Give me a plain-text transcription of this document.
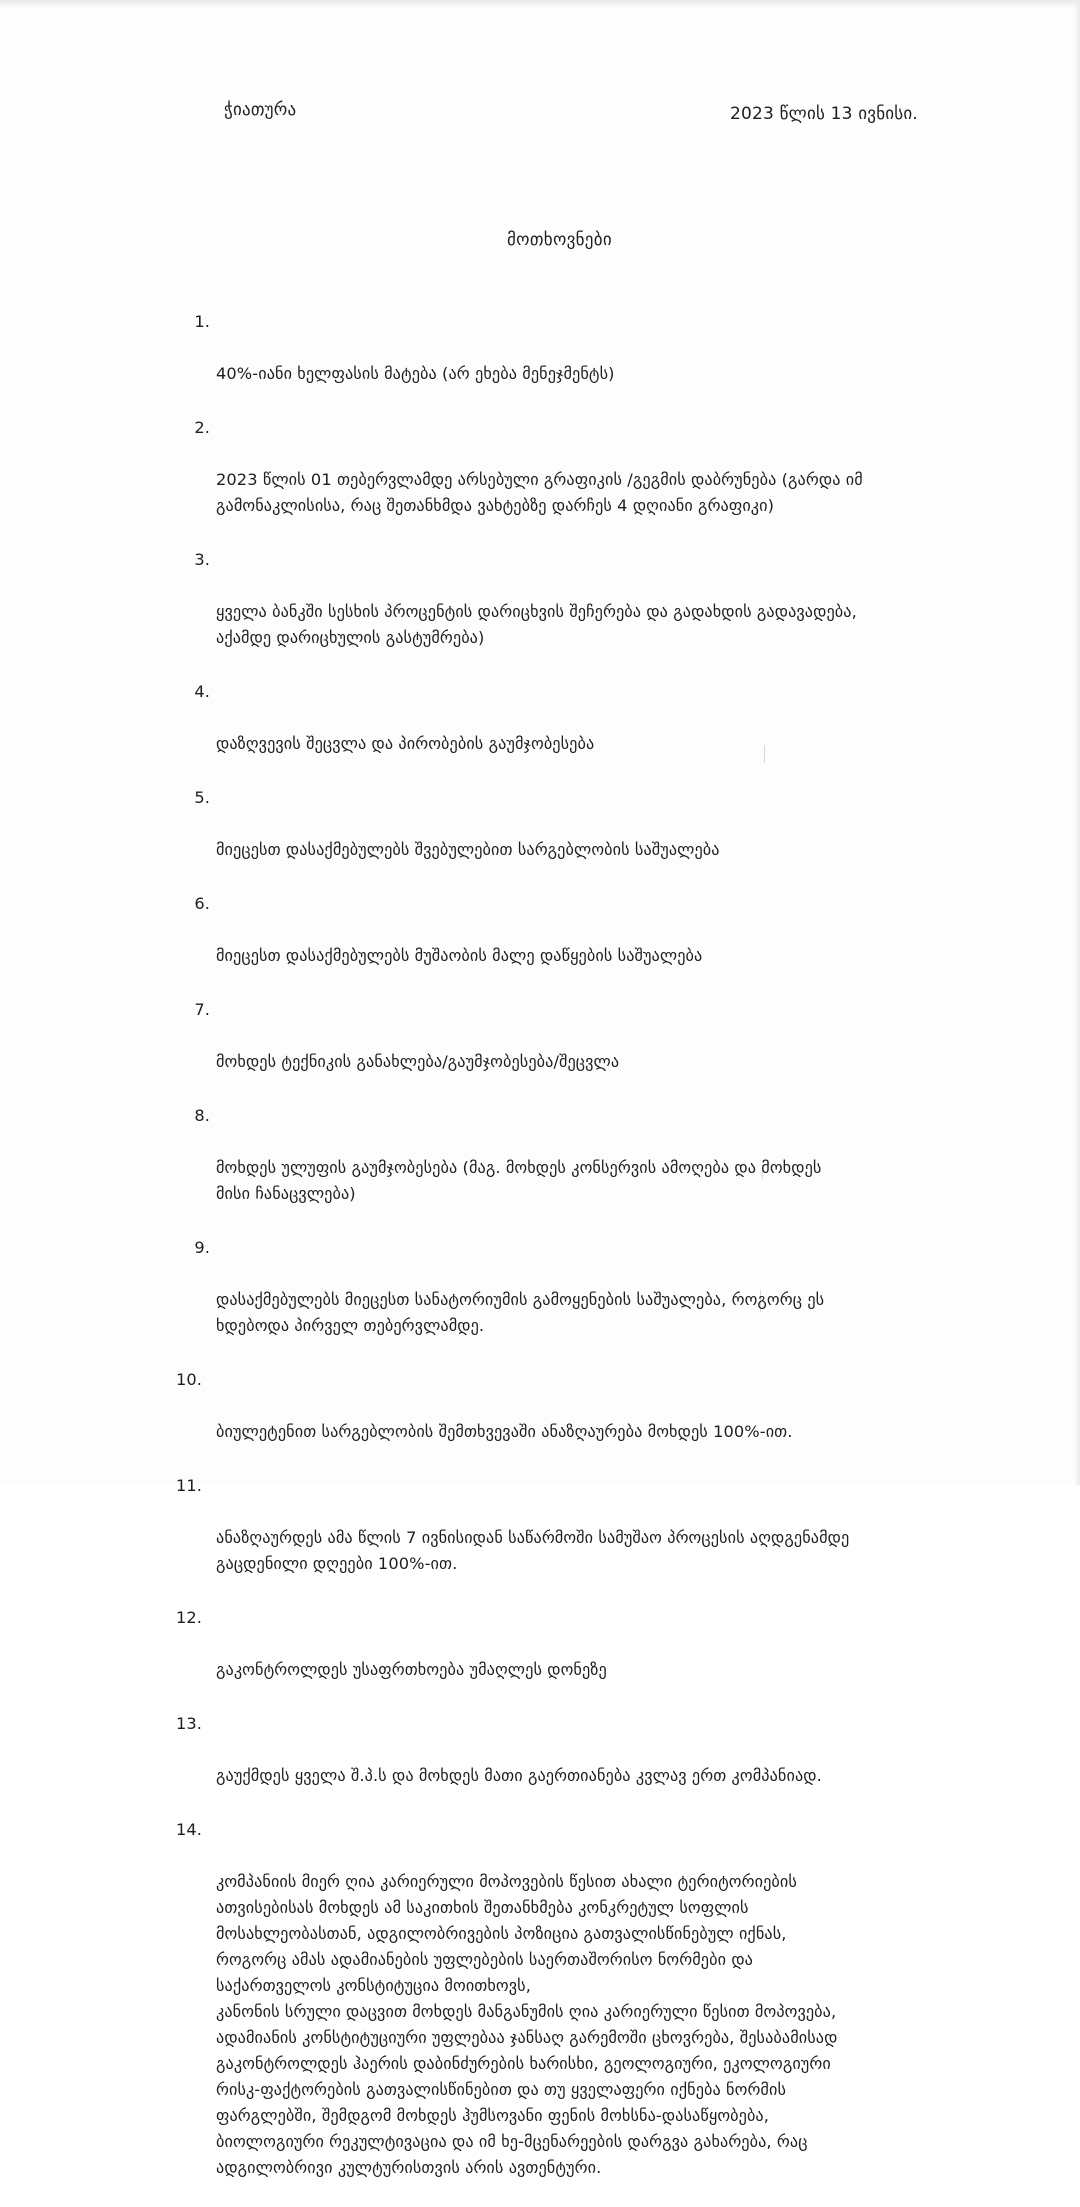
ჭიათურა	2023 წლის 13 ივნისი.
მოთხოვნები

1.

40%-იანი ხელფასის მატება (არ ეხება მენეჯმენტს)

2.

2023 წლის 01 თებერვლამდე არსებული გრაფიკის /გეგმის დაბრუნება (გარდა იმ
გამონაკლისისა, რაც შეთანხმდა ვახტებზე დარჩეს 4 დღიანი გრაფიკი)

3.

ყველა ბანკში სესხის პროცენტის დარიცხვის შეჩერება და გადახდის გადავადება,
აქამდე დარიცხულის გასტუმრება)

4.

დაზღვევის შეცვლა და პირობების გაუმჯობესება

5.

მიეცესთ დასაქმებულებს შვებულებით სარგებლობის საშუალება

6.

მიეცესთ დასაქმებულებს მუშაობის მალე დაწყების საშუალება

7.

მოხდეს ტექნიკის განახლება/გაუმჯობესება/შეცვლა

8.

მოხდეს ულუფის გაუმჯობესება (მაგ. მოხდეს კონსერვის ამოღება და მოხდეს
მისი ჩანაცვლება)

9.

დასაქმებულებს მიეცესთ სანატორიუმის გამოყენების საშუალება, როგორც ეს
ხდებოდა პირველ თებერვლამდე.

10.

ბიულეტენით სარგებლობის შემთხვევაში ანაზღაურება მოხდეს 100%-ით.

11.

ანაზღაურდეს ამა წლის 7 ივნისიდან საწარმოში სამუშაო პროცესის აღდგენამდე
გაცდენილი დღეები 100%-ით.

12.

გაკონტროლდეს უსაფრთხოება უმაღლეს დონეზე

13.

გაუქმდეს ყველა შ.პ.ს და მოხდეს მათი გაერთიანება კვლავ ერთ კომპანიად.

14.

კომპანიის მიერ ღია კარიერული მოპოვების წესით ახალი ტერიტორიების
ათვისებისას მოხდეს ამ საკითხის შეთანხმება კონკრეტულ სოფლის
მოსახლეობასთან, ადგილობრივების პოზიცია გათვალისწინებულ იქნას,
როგორც ამას ადამიანების უფლებების საერთაშორისო ნორმები და
საქართველოს კონსტიტუცია მოითხოვს,
კანონის სრული დაცვით მოხდეს მანგანუმის ღია კარიერული წესით მოპოვება,
ადამიანის კონსტიტუციური უფლებაა ჯანსაღ გარემოში ცხოვრება, შესაბამისად
გაკონტროლდეს ჰაერის დაბინძურების ხარისხი, გეოლოგიური, ეკოლოგიური
რისკ-ფაქტორების გათვალისწინებით და თუ ყველაფერი იქნება ნორმის
ფარგლებში, შემდგომ მოხდეს ჰუმსოვანი ფენის მოხსნა-დასაწყობება,
ბიოლოგიური რეკულტივაცია და იმ ხე-მცენარეების დარგვა გახარება, რაც
ადგილობრივი კულტურისთვის არის ავთენტური.
